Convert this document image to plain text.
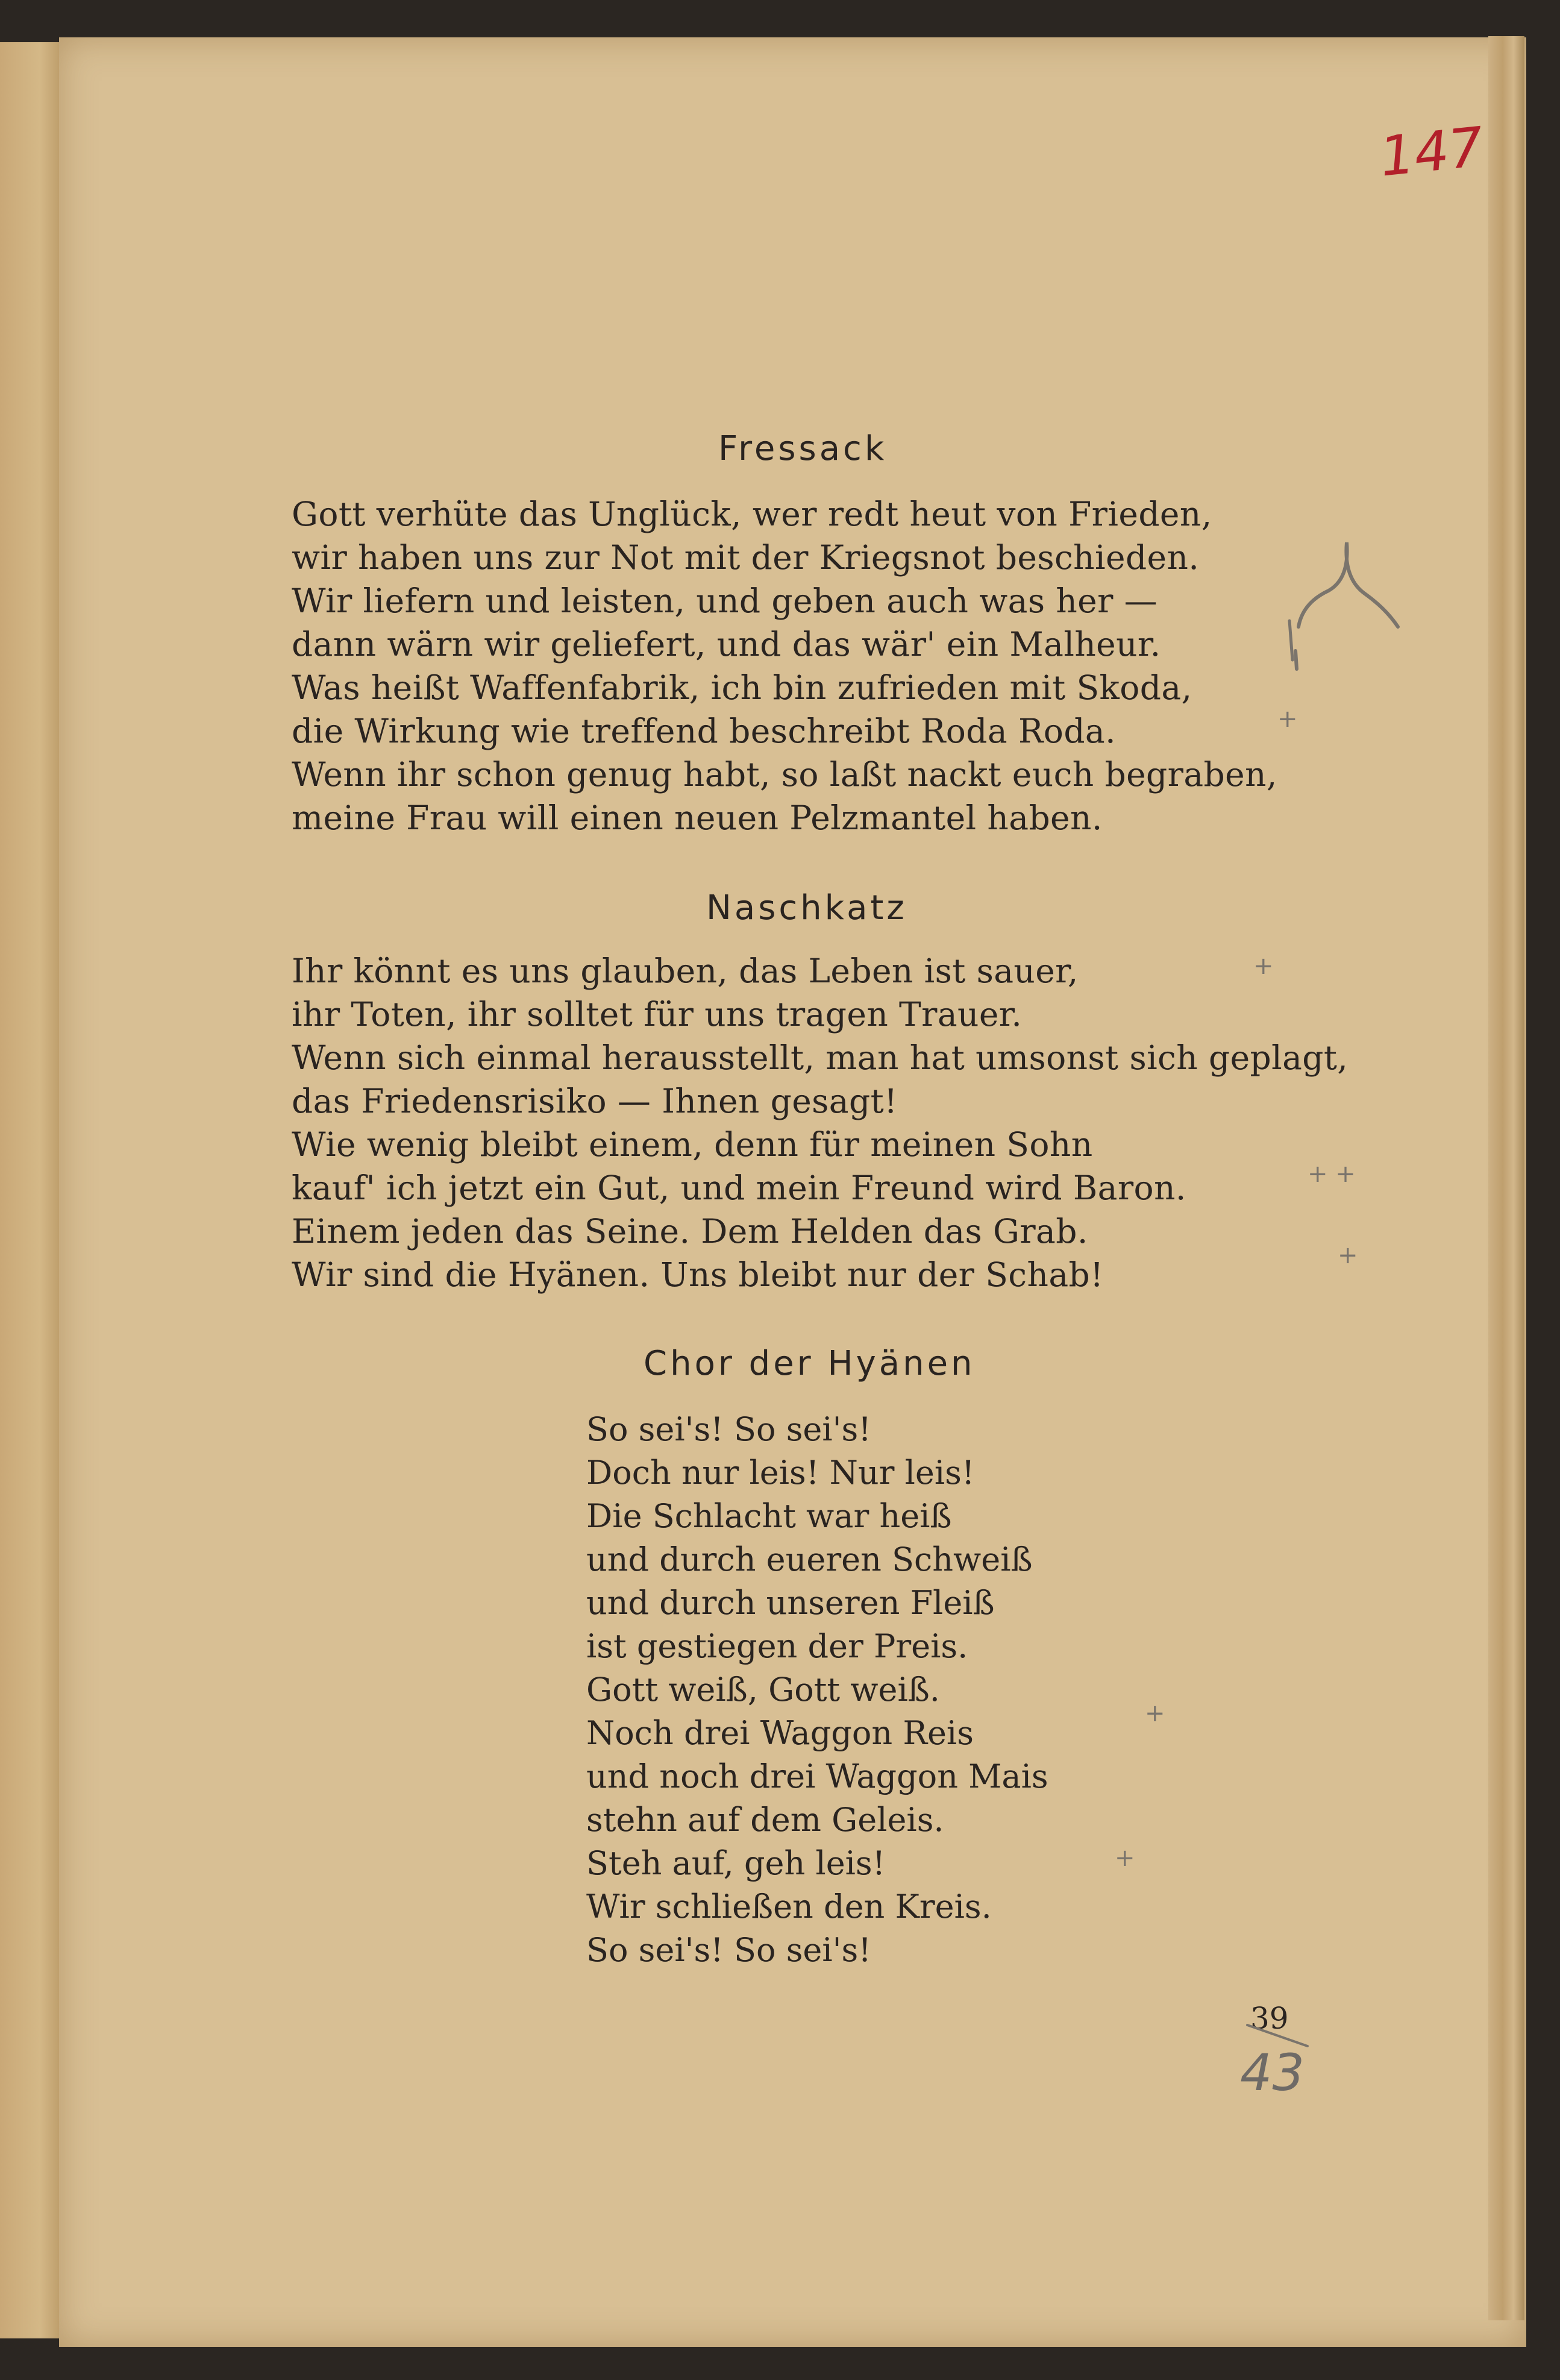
Fressack
Gott verhüte das Unglück, wer redt heut von Frieden,
wir haben uns zur Not mit der Kriegsnot beschieden.
Wir liefern und leisten, und geben auch was her —
dann wärn wir geliefert, und das wär' ein Malheur.
Was heißt Waffenfabrik, ich bin zufrieden mit Skoda,
die Wirkung wie treffend beschreibt Roda Roda.
Wenn ihr schon genug habt, so laßt nackt euch begraben,
meine Frau will einen neuen Pelzmantel haben.
Naschkatz
Ihr könnt es uns glauben, das Leben ist sauer,
ihr Toten, ihr solltet für uns tragen Trauer.
Wenn sich einmal herausstellt, man hat umsonst sich geplagt,
das Friedensrisiko — Ihnen gesagt!
Wie wenig bleibt einem, denn für meinen Sohn
kauf' ich jetzt ein Gut, und mein Freund wird Baron.
Einem jeden das Seine. Dem Helden das Grab.
Wir sind die Hyänen. Uns bleibt nur der Schab!
Chor der Hyänen
So sei's! So sei's!
Doch nur leis! Nur leis!
Die Schlacht war heiß
und durch eueren Schweiß
und durch unseren Fleiß
ist gestiegen der Preis.
Gott weiß, Gott weiß.
Noch drei Waggon Reis
und noch drei Waggon Mais
stehn auf dem Geleis.
Steh auf, geh leis!
Wir schließen den Kreis.
So sei's! So sei's!
39
147
43
+
+ +
+
+
+
+
